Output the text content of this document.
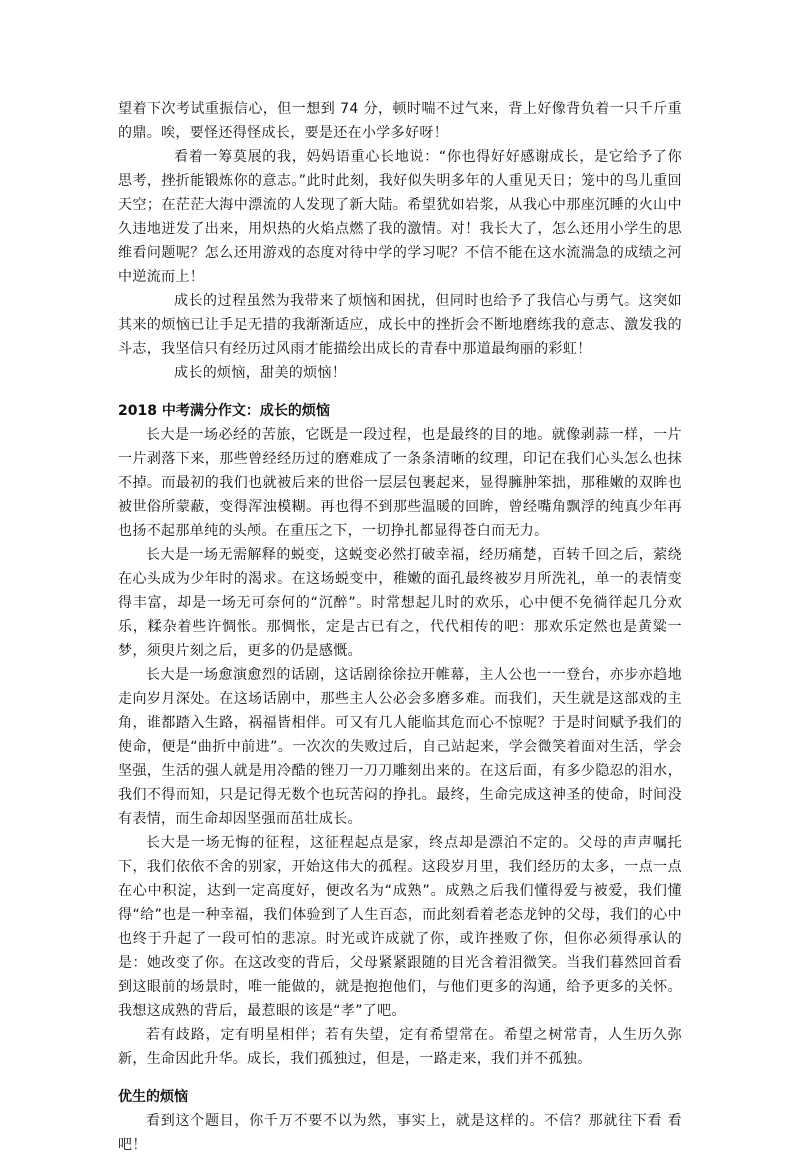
望着下次考试重振信心，但一想到 74 分，顿时喘不过气来，背上好像背负着一只千斤重的鼎。唉，要怪还得怪成长，要是还在小学多好呀！

看着一筹莫展的我，妈妈语重心长地说：“你也得好好感谢成长，是它给予了你思考，挫折能锻炼你的意志。”此时此刻，我好似失明多年的人重见天日；笼中的鸟儿重回天空；在茫茫大海中漂流的人发现了新大陆。希望犹如岩浆，从我心中那座沉睡的火山中久违地迸发了出来，用炽热的火焰点燃了我的激情。对！我长大了，怎么还用小学生的思维看问题呢？怎么还用游戏的态度对待中学的学习呢？不信不能在这水流湍急的成绩之河中逆流而上！

成长的过程虽然为我带来了烦恼和困扰，但同时也给予了我信心与勇气。这突如其来的烦恼已让手足无措的我渐渐适应，成长中的挫折会不断地磨练我的意志、激发我的斗志，我坚信只有经历过风雨才能描绘出成长的青春中那道最绚丽的彩虹！

成长的烦恼，甜美的烦恼！

2018 中考满分作文：成长的烦恼

长大是一场必经的苦旅，它既是一段过程，也是最终的目的地。就像剥蒜一样，一片一片剥落下来，那些曾经经历过的磨难成了一条条清晰的纹理，印记在我们心头怎么也抹不掉。而最初的我们也就被后来的世俗一层层包裹起来，显得臃肿笨拙，那稚嫩的双眸也被世俗所蒙蔽，变得浑浊模糊。再也得不到那些温暖的回眸，曾经嘴角飘浮的纯真少年再也扬不起那单纯的头颅。在重压之下，一切挣扎都显得苍白而无力。

长大是一场无需解释的蜕变，这蜕变必然打破幸福，经历痛楚，百转千回之后，萦绕在心头成为少年时的渴求。在这场蜕变中，稚嫩的面孔最终被岁月所洗礼，单一的表情变得丰富，却是一场无可奈何的“沉醉”。时常想起儿时的欢乐，心中便不免徜徉起几分欢乐，糅杂着些许惆怅。那惆怅，定是古已有之，代代相传的吧：那欢乐定然也是黄粱一梦，须臾片刻之后，更多的仍是感慨。

长大是一场愈演愈烈的话剧，这话剧徐徐拉开帷幕，主人公也一一登台，亦步亦趋地走向岁月深处。在这场话剧中，那些主人公必会多磨多难。而我们，天生就是这部戏的主角，谁都踏入生路，祸福皆相伴。可又有几人能临其危而心不惊呢？于是时间赋予我们的使命，便是“曲折中前进”。一次次的失败过后，自己站起来，学会微笑着面对生活，学会坚强，生活的强人就是用冷酷的锉刀一刀刀雕刻出来的。在这后面，有多少隐忍的泪水，我们不得而知，只是记得无数个也玩苦闷的挣扎。最终，生命完成这神圣的使命，时间没有表情，而生命却因坚强而茁壮成长。

长大是一场无悔的征程，这征程起点是家，终点却是漂泊不定的。父母的声声嘱托下，我们依依不舍的别家，开始这伟大的孤程。这段岁月里，我们经历的太多，一点一点在心中积淀，达到一定高度好，便改名为“成熟”。成熟之后我们懂得爱与被爱，我们懂得“给”也是一种幸福，我们体验到了人生百态，而此刻看着老态龙钟的父母，我们的心中也终于升起了一段可怕的悲凉。时光或许成就了你，或许挫败了你，但你必须得承认的是：她改变了你。在这改变的背后，父母紧紧跟随的目光含着泪微笑。当我们暮然回首看到这眼前的场景时，唯一能做的，就是抱抱他们，与他们更多的沟通，给予更多的关怀。我想这成熟的背后，最惹眼的该是“孝”了吧。

若有歧路，定有明星相伴；若有失望，定有希望常在。希望之树常青，人生历久弥新，生命因此升华。成长，我们孤独过，但是，一路走来，我们并不孤独。

优生的烦恼

看到这个题目，你千万不要不以为然，事实上，就是这样的。不信？那就往下看 看吧！
